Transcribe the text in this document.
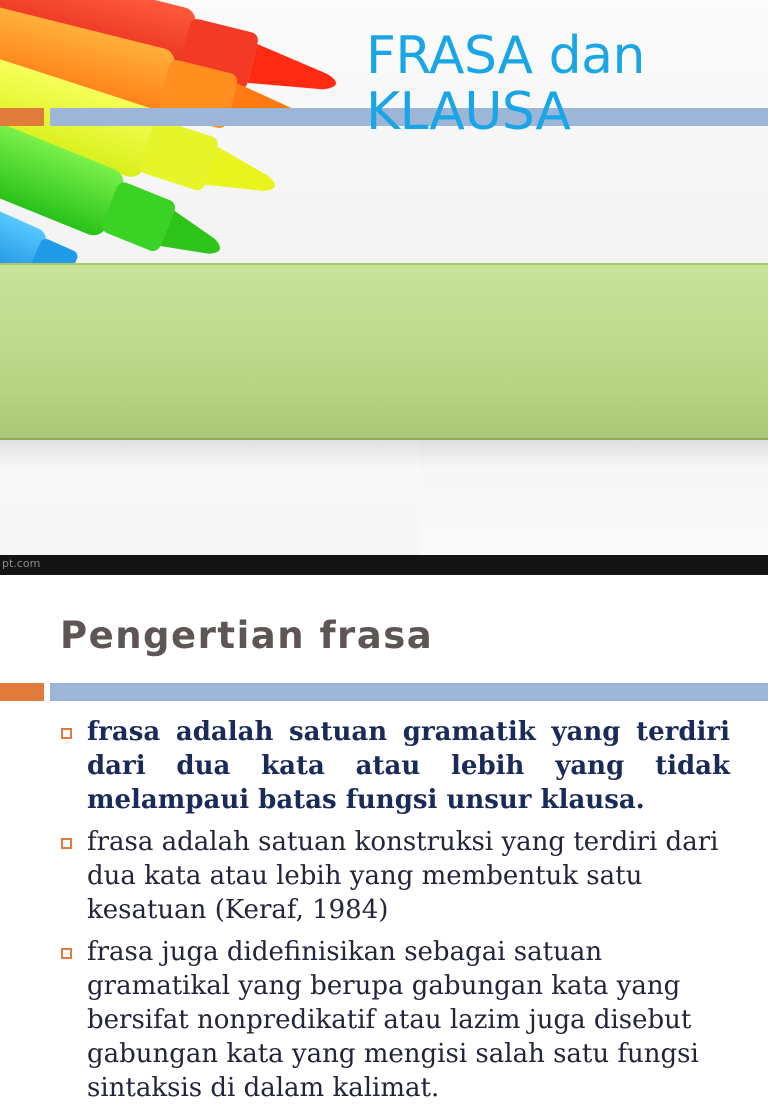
FRASA dan
KLAUSA
pt.com
Pengertian frasa
frasa adalah satuan gramatik yang terdiri dari dua kata atau lebih yang tidak melampaui batas fungsi unsur klausa.
frasa adalah satuan konstruksi yang terdiri dari dua kata atau lebih yang membentuk satu kesatuan (Keraf, 1984)
frasa juga didefinisikan sebagai satuan gramatikal yang berupa gabungan kata yang bersifat nonpredikatif atau lazim juga disebut gabungan kata yang mengisi salah satu fungsi sintaksis di dalam kalimat.
